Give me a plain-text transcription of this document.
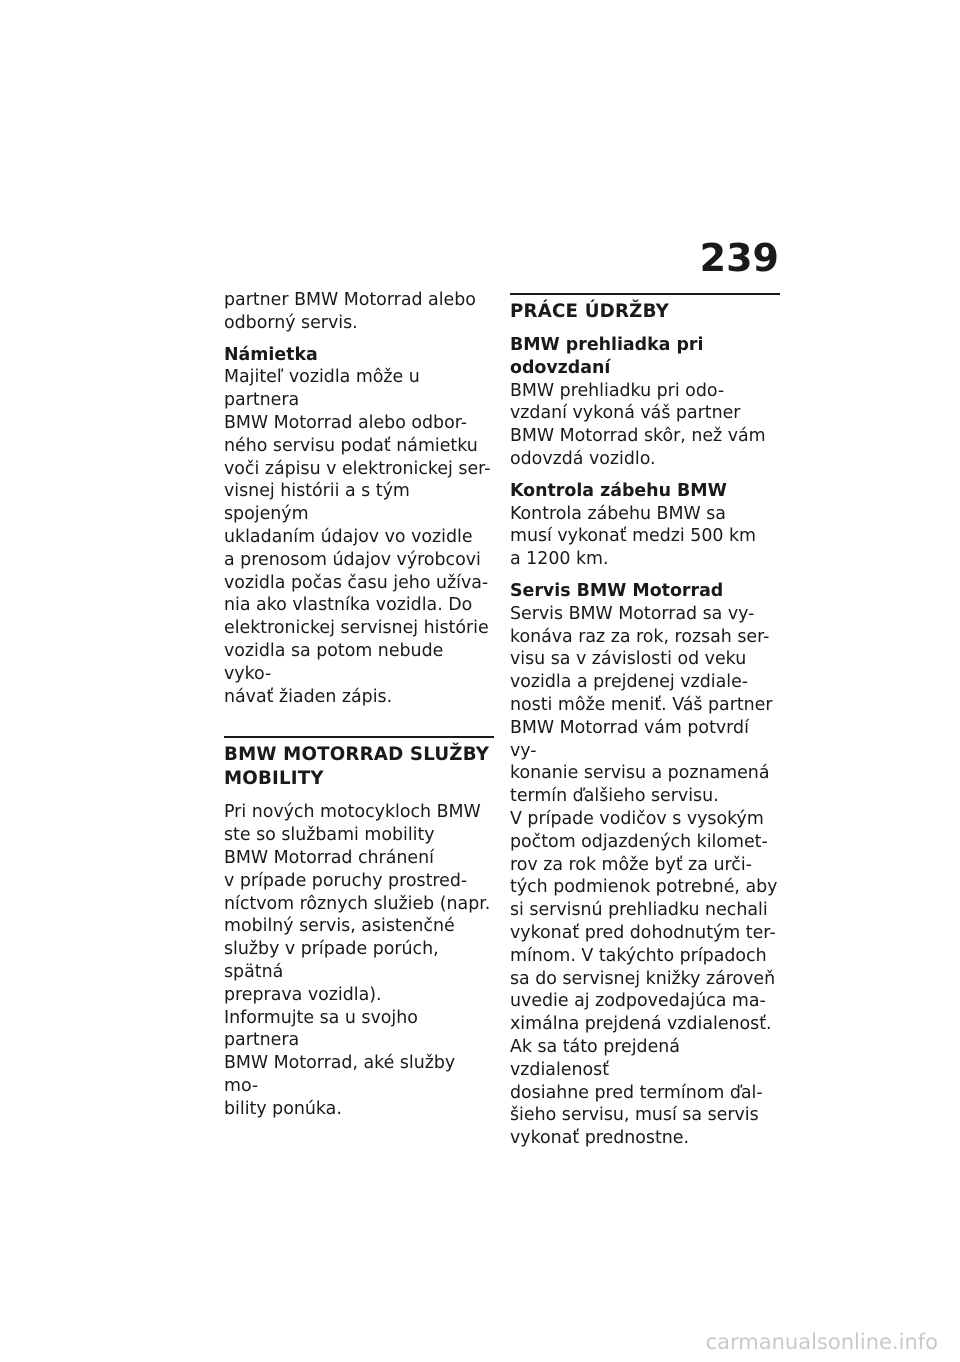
239

partner BMW Motorrad alebo
odborný servis.

Námietka

Majiteľ vozidla môže u partnera
BMW Motorrad alebo odbor-
ného servisu podať námietku
voči zápisu v elektronickej ser-
visnej histórii a s tým spojeným
ukladaním údajov vo vozidle
a prenosom údajov výrobcovi
vozidla počas času jeho užíva-
nia ako vlastníka vozidla. Do
elektronickej servisnej histórie
vozidla sa potom nebude vyko-
návať žiaden zápis.

BMW MOTORRAD SLUŽBY
MOBILITY

Pri nových motocykloch BMW
ste so službami mobility
BMW Motorrad chránení
v prípade poruchy prostred-
níctvom rôznych služieb (napr.
mobilný servis, asistenčné
služby v prípade porúch, spätná
preprava vozidla).

Informujte sa u svojho partnera
BMW Motorrad, aké služby mo-
bility ponúka.

PRÁCE ÚDRŽBY
BMW prehliadka pri
odovzdaní

BMW prehliadku pri odo-
vzdaní vykoná váš partner
BMW Motorrad skôr, než vám
odovzdá vozidlo.

Kontrola zábehu BMW

Kontrola zábehu BMW sa
musí vykonať medzi 500 km
a 1200 km.

Servis BMW Motorrad

Servis BMW Motorrad sa vy-
konáva raz za rok, rozsah ser-
visu sa v závislosti od veku
vozidla a prejdenej vzdiale-
nosti môže meniť. Váš partner
BMW Motorrad vám potvrdí vy-
konanie servisu a poznamená
termín ďalšieho servisu.

V prípade vodičov s vysokým
počtom odjazdených kilomet-
rov za rok môže byť za urči-
tých podmienok potrebné, aby
si servisnú prehliadku nechali
vykonať pred dohodnutým ter-
mínom. V takýchto prípadoch
sa do servisnej knižky zároveň
uvedie aj zodpovedajúca ma-
ximálna prejdená vzdialenosť.
Ak sa táto prejdená vzdialenosť
dosiahne pred termínom ďal-
šieho servisu, musí sa servis
vykonať prednostne.

carmanualsonline.info
